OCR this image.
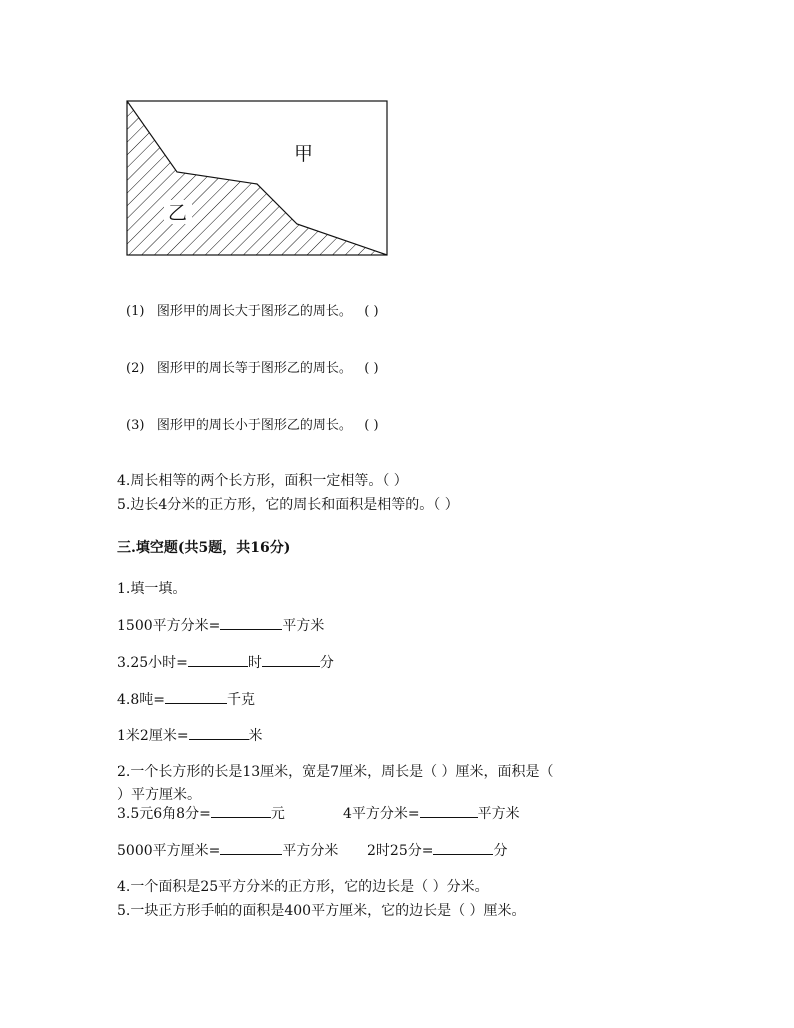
甲
乙
(1) 图形甲的周长大于图形乙的周长。 ( )
(2) 图形甲的周长等于图形乙的周长。 ( )
(3) 图形甲的周长小于图形乙的周长。 ( )
4.周长相等的两个长方形，面积一定相等。（ ）
5.边长4分米的正方形，它的周长和面积是相等的。（ ）
三.填空题(共5题，共16分)
1.填一填。
1500平方分米=	平方米
3.25小时=	时	分
4.8吨=	千克
1米2厘米=	米
2.一个长方形的长是13厘米，宽是7厘米，周长是（ ）厘米，面积是（
）平方厘米。
3.5元6角8分=	元	4平方分米=	平方米
5000平方厘米=	平方分米 2时25分=	分
4.一个面积是25平方分米的正方形，它的边长是（ ）分米。
5.一块正方形手帕的面积是400平方厘米，它的边长是（ ）厘米。
